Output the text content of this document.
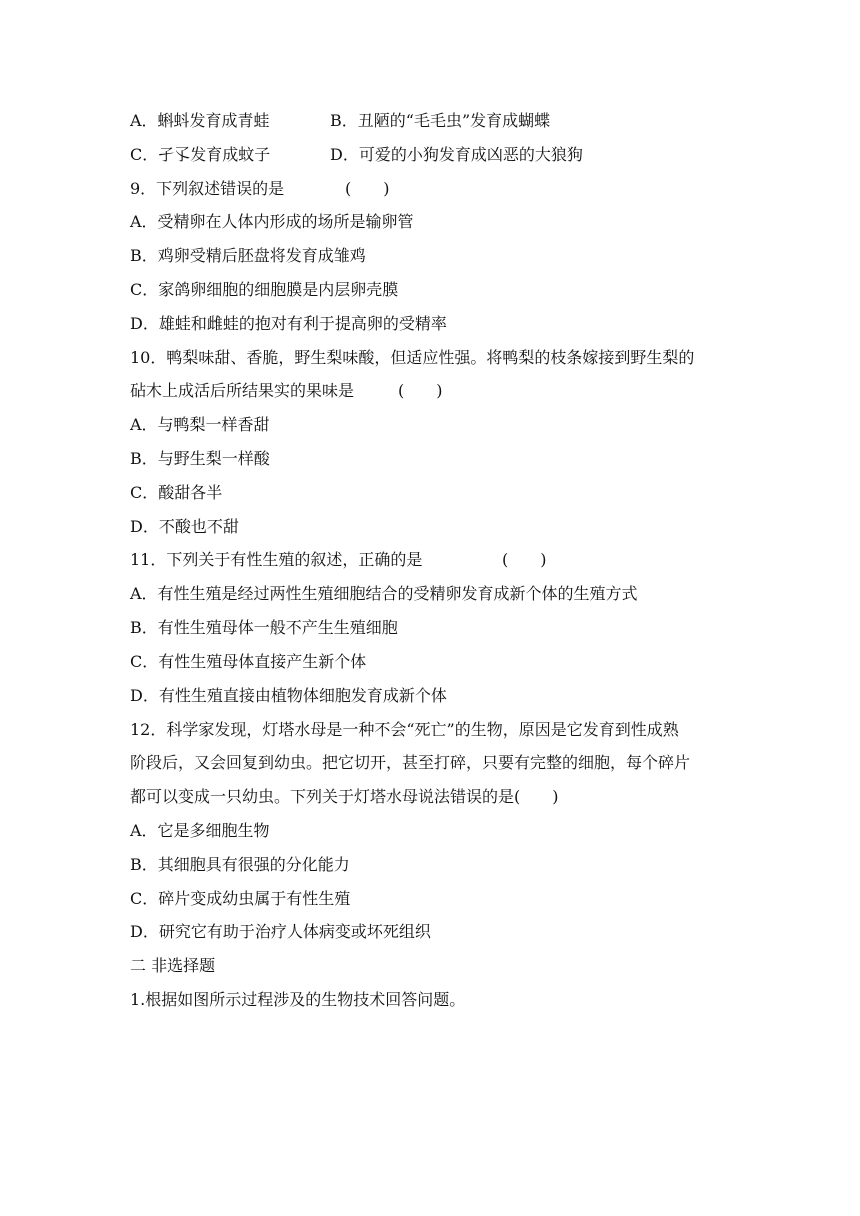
A．蝌蚪发育成青蛙	B．丑陋的“毛毛虫”发育成蝴蝶
C．孑孓发育成蚊子	D．可爱的小狗发育成凶恶的大狼狗
9．下列叙述错误的是	(　　)
A．受精卵在人体内形成的场所是输卵管
B．鸡卵受精后胚盘将发育成雏鸡
C．家鸽卵细胞的细胞膜是内层卵壳膜
D．雄蛙和雌蛙的抱对有利于提高卵的受精率
10．鸭梨味甜、香脆，野生梨味酸，但适应性强。将鸭梨的枝条嫁接到野生梨的
砧木上成活后所结果实的果味是	(　　)
A．与鸭梨一样香甜
B．与野生梨一样酸
C．酸甜各半
D．不酸也不甜
11．下列关于有性生殖的叙述，正确的是	(　　)
A．有性生殖是经过两性生殖细胞结合的受精卵发育成新个体的生殖方式
B．有性生殖母体一般不产生生殖细胞
C．有性生殖母体直接产生新个体
D．有性生殖直接由植物体细胞发育成新个体
12．科学家发现，灯塔水母是一种不会“死亡”的生物，原因是它发育到性成熟
阶段后，又会回复到幼虫。把它切开，甚至打碎，只要有完整的细胞，每个碎片
都可以变成一只幼虫。下列关于灯塔水母说法错误的是(　　)
A．它是多细胞生物
B．其细胞具有很强的分化能力
C．碎片变成幼虫属于有性生殖
D．研究它有助于治疗人体病变或坏死组织
二 非选择题
1.根据如图所示过程涉及的生物技术回答问题。
